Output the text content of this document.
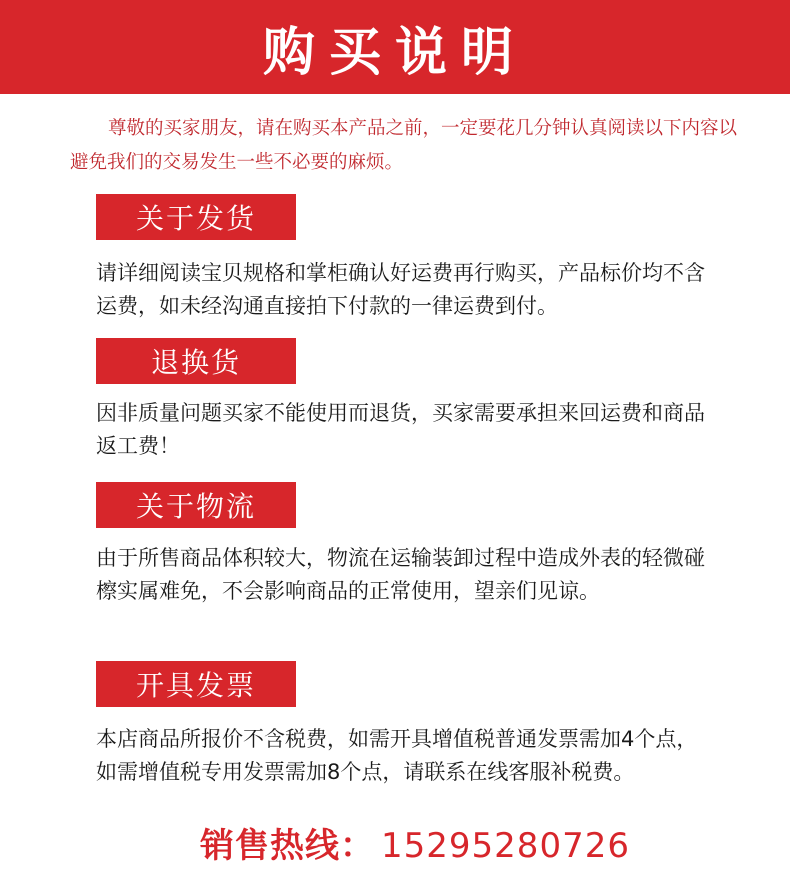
购买说明

尊敬的买家朋友，请在购买本产品之前，一定要花几分钟认真阅读以下内容以避免我们的交易发生一些不必要的麻烦。

关于发货

请详细阅读宝贝规格和掌柜确认好运费再行购买，产品标价均不含运费，如未经沟通直接拍下付款的一律运费到付。

退换货

因非质量问题买家不能使用而退货，买家需要承担来回运费和商品返工费！

关于物流

由于所售商品体积较大，物流在运输装卸过程中造成外表的轻微碰檫实属难免，不会影响商品的正常使用，望亲们见谅。

开具发票

本店商品所报价不含税费，如需开具增值税普通发票需加4个点，如需增值税专用发票需加8个点，请联系在线客服补税费。

销售热线： 15295280726
